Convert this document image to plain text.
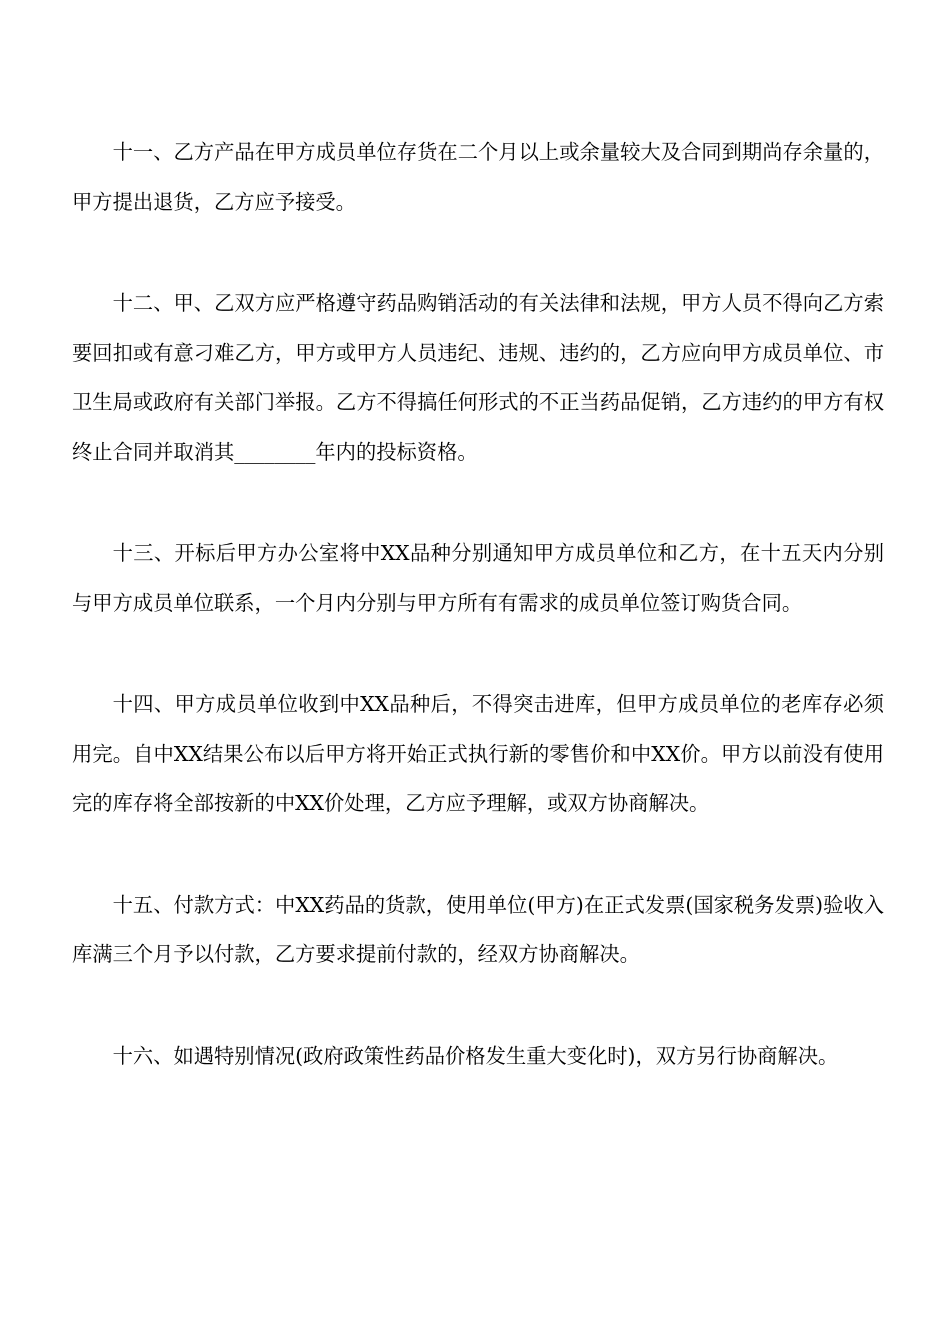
十一、乙方产品在甲方成员单位存货在二个月以上或余量较大及合同到期尚存余量的，甲方提出退货，乙方应予接受。

十二、甲、乙双方应严格遵守药品购销活动的有关法律和法规，甲方人员不得向乙方索要回扣或有意刁难乙方，甲方或甲方人员违纪、违规、违约的，乙方应向甲方成员单位、市卫生局或政府有关部门举报。乙方不得搞任何形式的不正当药品促销，乙方违约的甲方有权终止合同并取消其________年内的投标资格。

十三、开标后甲方办公室将中XX品种分别通知甲方成员单位和乙方，在十五天内分别与甲方成员单位联系，一个月内分别与甲方所有有需求的成员单位签订购货合同。

十四、甲方成员单位收到中XX品种后，不得突击进库，但甲方成员单位的老库存必须用完。自中XX结果公布以后甲方将开始正式执行新的零售价和中XX价。甲方以前没有使用完的库存将全部按新的中XX价处理，乙方应予理解，或双方协商解决。

十五、付款方式：中XX药品的货款，使用单位(甲方)在正式发票(国家税务发票)验收入库满三个月予以付款，乙方要求提前付款的，经双方协商解决。

十六、如遇特别情况(政府政策性药品价格发生重大变化时)，双方另行协商解决。
